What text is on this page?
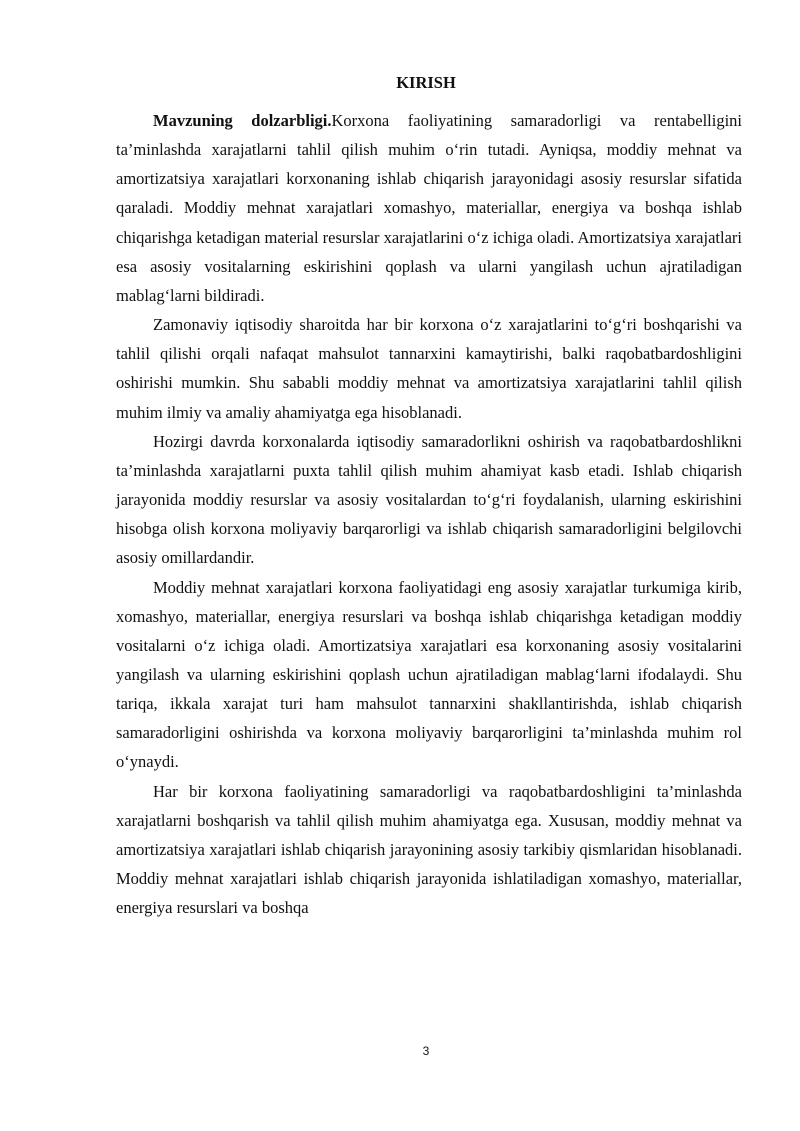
KIRISH

Mavzuning dolzarbligi.Korxona faoliyatining samaradorligi va rentabelligini ta’minlashda xarajatlarni tahlil qilish muhim o‘rin tutadi. Ayniqsa, moddiy mehnat va amortizatsiya xarajatlari korxonaning ishlab chiqarish jarayonidagi asosiy resurslar sifatida qaraladi. Moddiy mehnat xarajatlari xomashyo, materiallar, energiya va boshqa ishlab chiqarishga ketadigan material resurslar xarajatlarini o‘z ichiga oladi. Amortizatsiya xarajatlari esa asosiy vositalarning eskirishini qoplash va ularni yangilash uchun ajratiladigan mablag‘larni bildiradi.

Zamonaviy iqtisodiy sharoitda har bir korxona o‘z xarajatlarini to‘g‘ri boshqarishi va tahlil qilishi orqali nafaqat mahsulot tannarxini kamaytirishi, balki raqobatbardoshligini oshirishi mumkin. Shu sababli moddiy mehnat va amortizatsiya xarajatlarini tahlil qilish muhim ilmiy va amaliy ahamiyatga ega hisoblanadi.

Hozirgi davrda korxonalarda iqtisodiy samaradorlikni oshirish va raqobatbardoshlikni ta’minlashda xarajatlarni puxta tahlil qilish muhim ahamiyat kasb etadi. Ishlab chiqarish jarayonida moddiy resurslar va asosiy vositalardan to‘g‘ri foydalanish, ularning eskirishini hisobga olish korxona moliyaviy barqarorligi va ishlab chiqarish samaradorligini belgilovchi asosiy omillardandir.

Moddiy mehnat xarajatlari korxona faoliyatidagi eng asosiy xarajatlar turkumiga kirib, xomashyo, materiallar, energiya resurslari va boshqa ishlab chiqarishga ketadigan moddiy vositalarni o‘z ichiga oladi. Amortizatsiya xarajatlari esa korxonaning asosiy vositalarini yangilash va ularning eskirishini qoplash uchun ajratiladigan mablag‘larni ifodalaydi. Shu tariqa, ikkala xarajat turi ham mahsulot tannarxini shakllantirishda, ishlab chiqarish samaradorligini oshirishda va korxona moliyaviy barqarorligini ta’minlashda muhim rol o‘ynaydi.

Har bir korxona faoliyatining samaradorligi va raqobatbardoshligini ta’minlashda xarajatlarni boshqarish va tahlil qilish muhim ahamiyatga ega. Xususan, moddiy mehnat va amortizatsiya xarajatlari ishlab chiqarish jarayonining asosiy tarkibiy qismlaridan hisoblanadi. Moddiy mehnat xarajatlari ishlab chiqarish jarayonida ishlatiladigan xomashyo, materiallar, energiya resurslari va boshqa

3
